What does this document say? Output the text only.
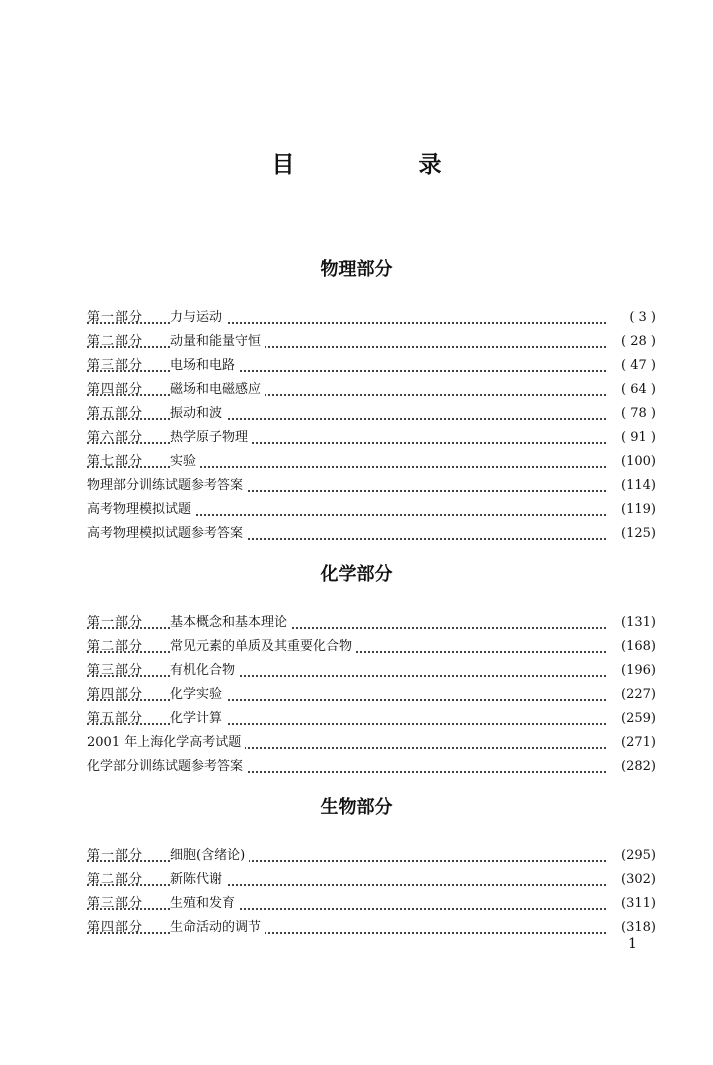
目 录
物理部分
第一部分 力与运动	( 3 )
第二部分 动量和能量守恒	( 28 )
第三部分 电场和电路	( 47 )
第四部分 磁场和电磁感应	( 64 )
第五部分 振动和波	( 78 )
第六部分 热学原子物理	( 91 )
第七部分 实验	(100)
物理部分训练试题参考答案	(114)
高考物理模拟试题	(119)
高考物理模拟试题参考答案	(125)
化学部分
第一部分 基本概念和基本理论	(131)
第二部分 常见元素的单质及其重要化合物	(168)
第三部分 有机化合物	(196)
第四部分 化学实验	(227)
第五部分 化学计算	(259)
2001 年上海化学高考试题	(271)
化学部分训练试题参考答案	(282)
生物部分
第一部分 细胞(含绪论)	(295)
第二部分 新陈代谢	(302)
第三部分 生殖和发育	(311)
第四部分 生命活动的调节	(318)
1
